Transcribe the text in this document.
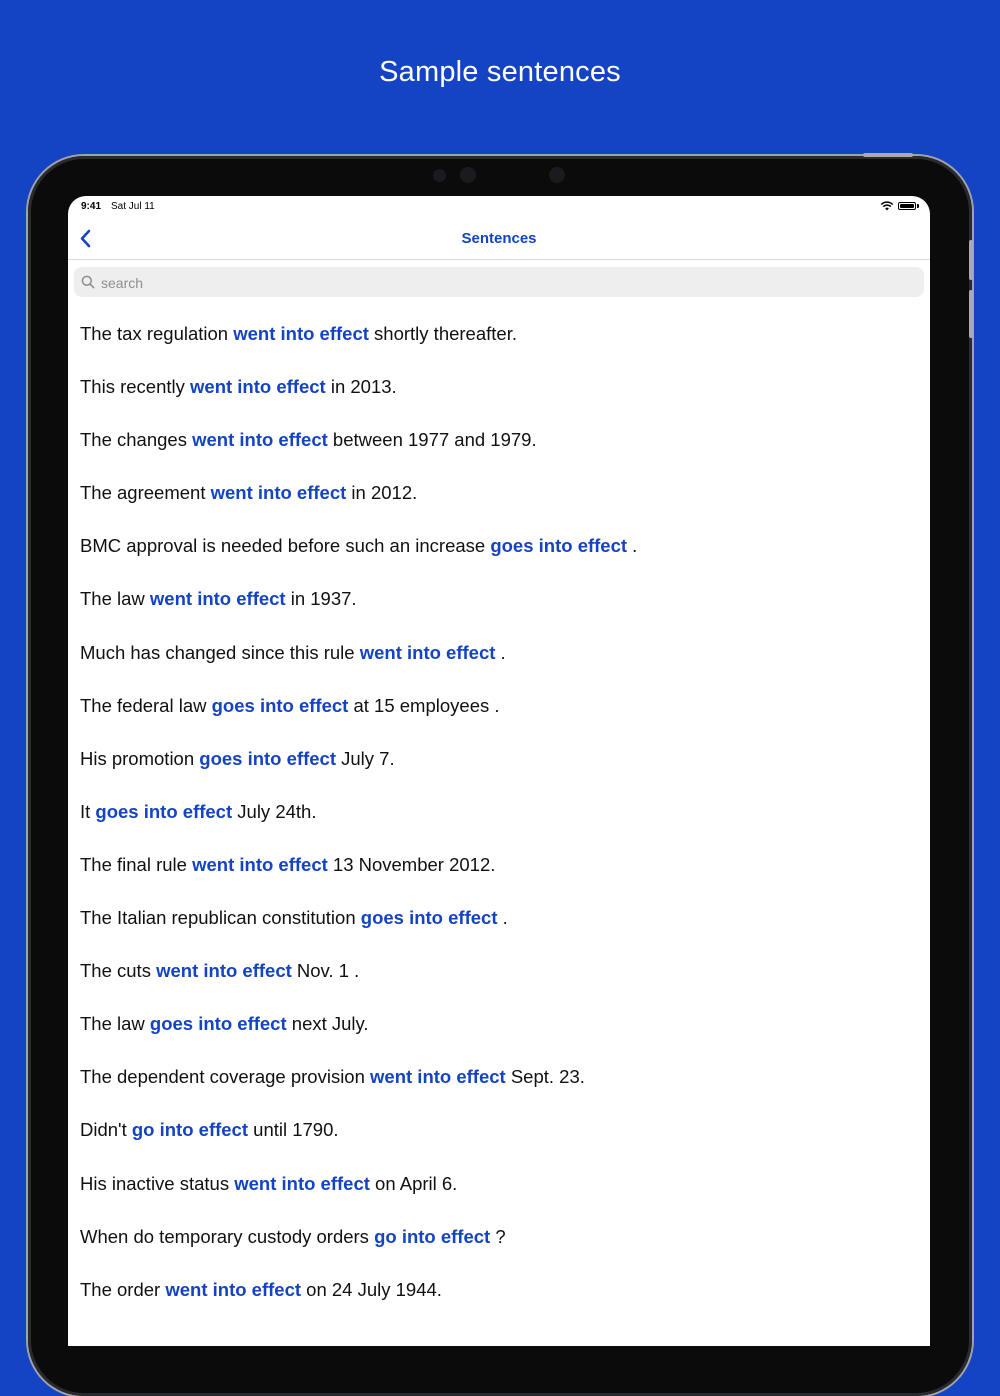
Sample sentences
9:41 Sat Jul 11
Sentences
search
The tax regulation went into effect shortly thereafter.
This recently went into effect in 2013.
The changes went into effect between 1977 and 1979.
The agreement went into effect in 2012.
BMC approval is needed before such an increase goes into effect .
The law went into effect in 1937.
Much has changed since this rule went into effect .
The federal law goes into effect at 15 employees .
His promotion goes into effect July 7.
It goes into effect July 24th.
The final rule went into effect 13 November 2012.
The Italian republican constitution goes into effect .
The cuts went into effect Nov. 1 .
The law goes into effect next July.
The dependent coverage provision went into effect Sept. 23.
Didn't go into effect until 1790.
His inactive status went into effect on April 6.
When do temporary custody orders go into effect ?
The order went into effect on 24 July 1944.
